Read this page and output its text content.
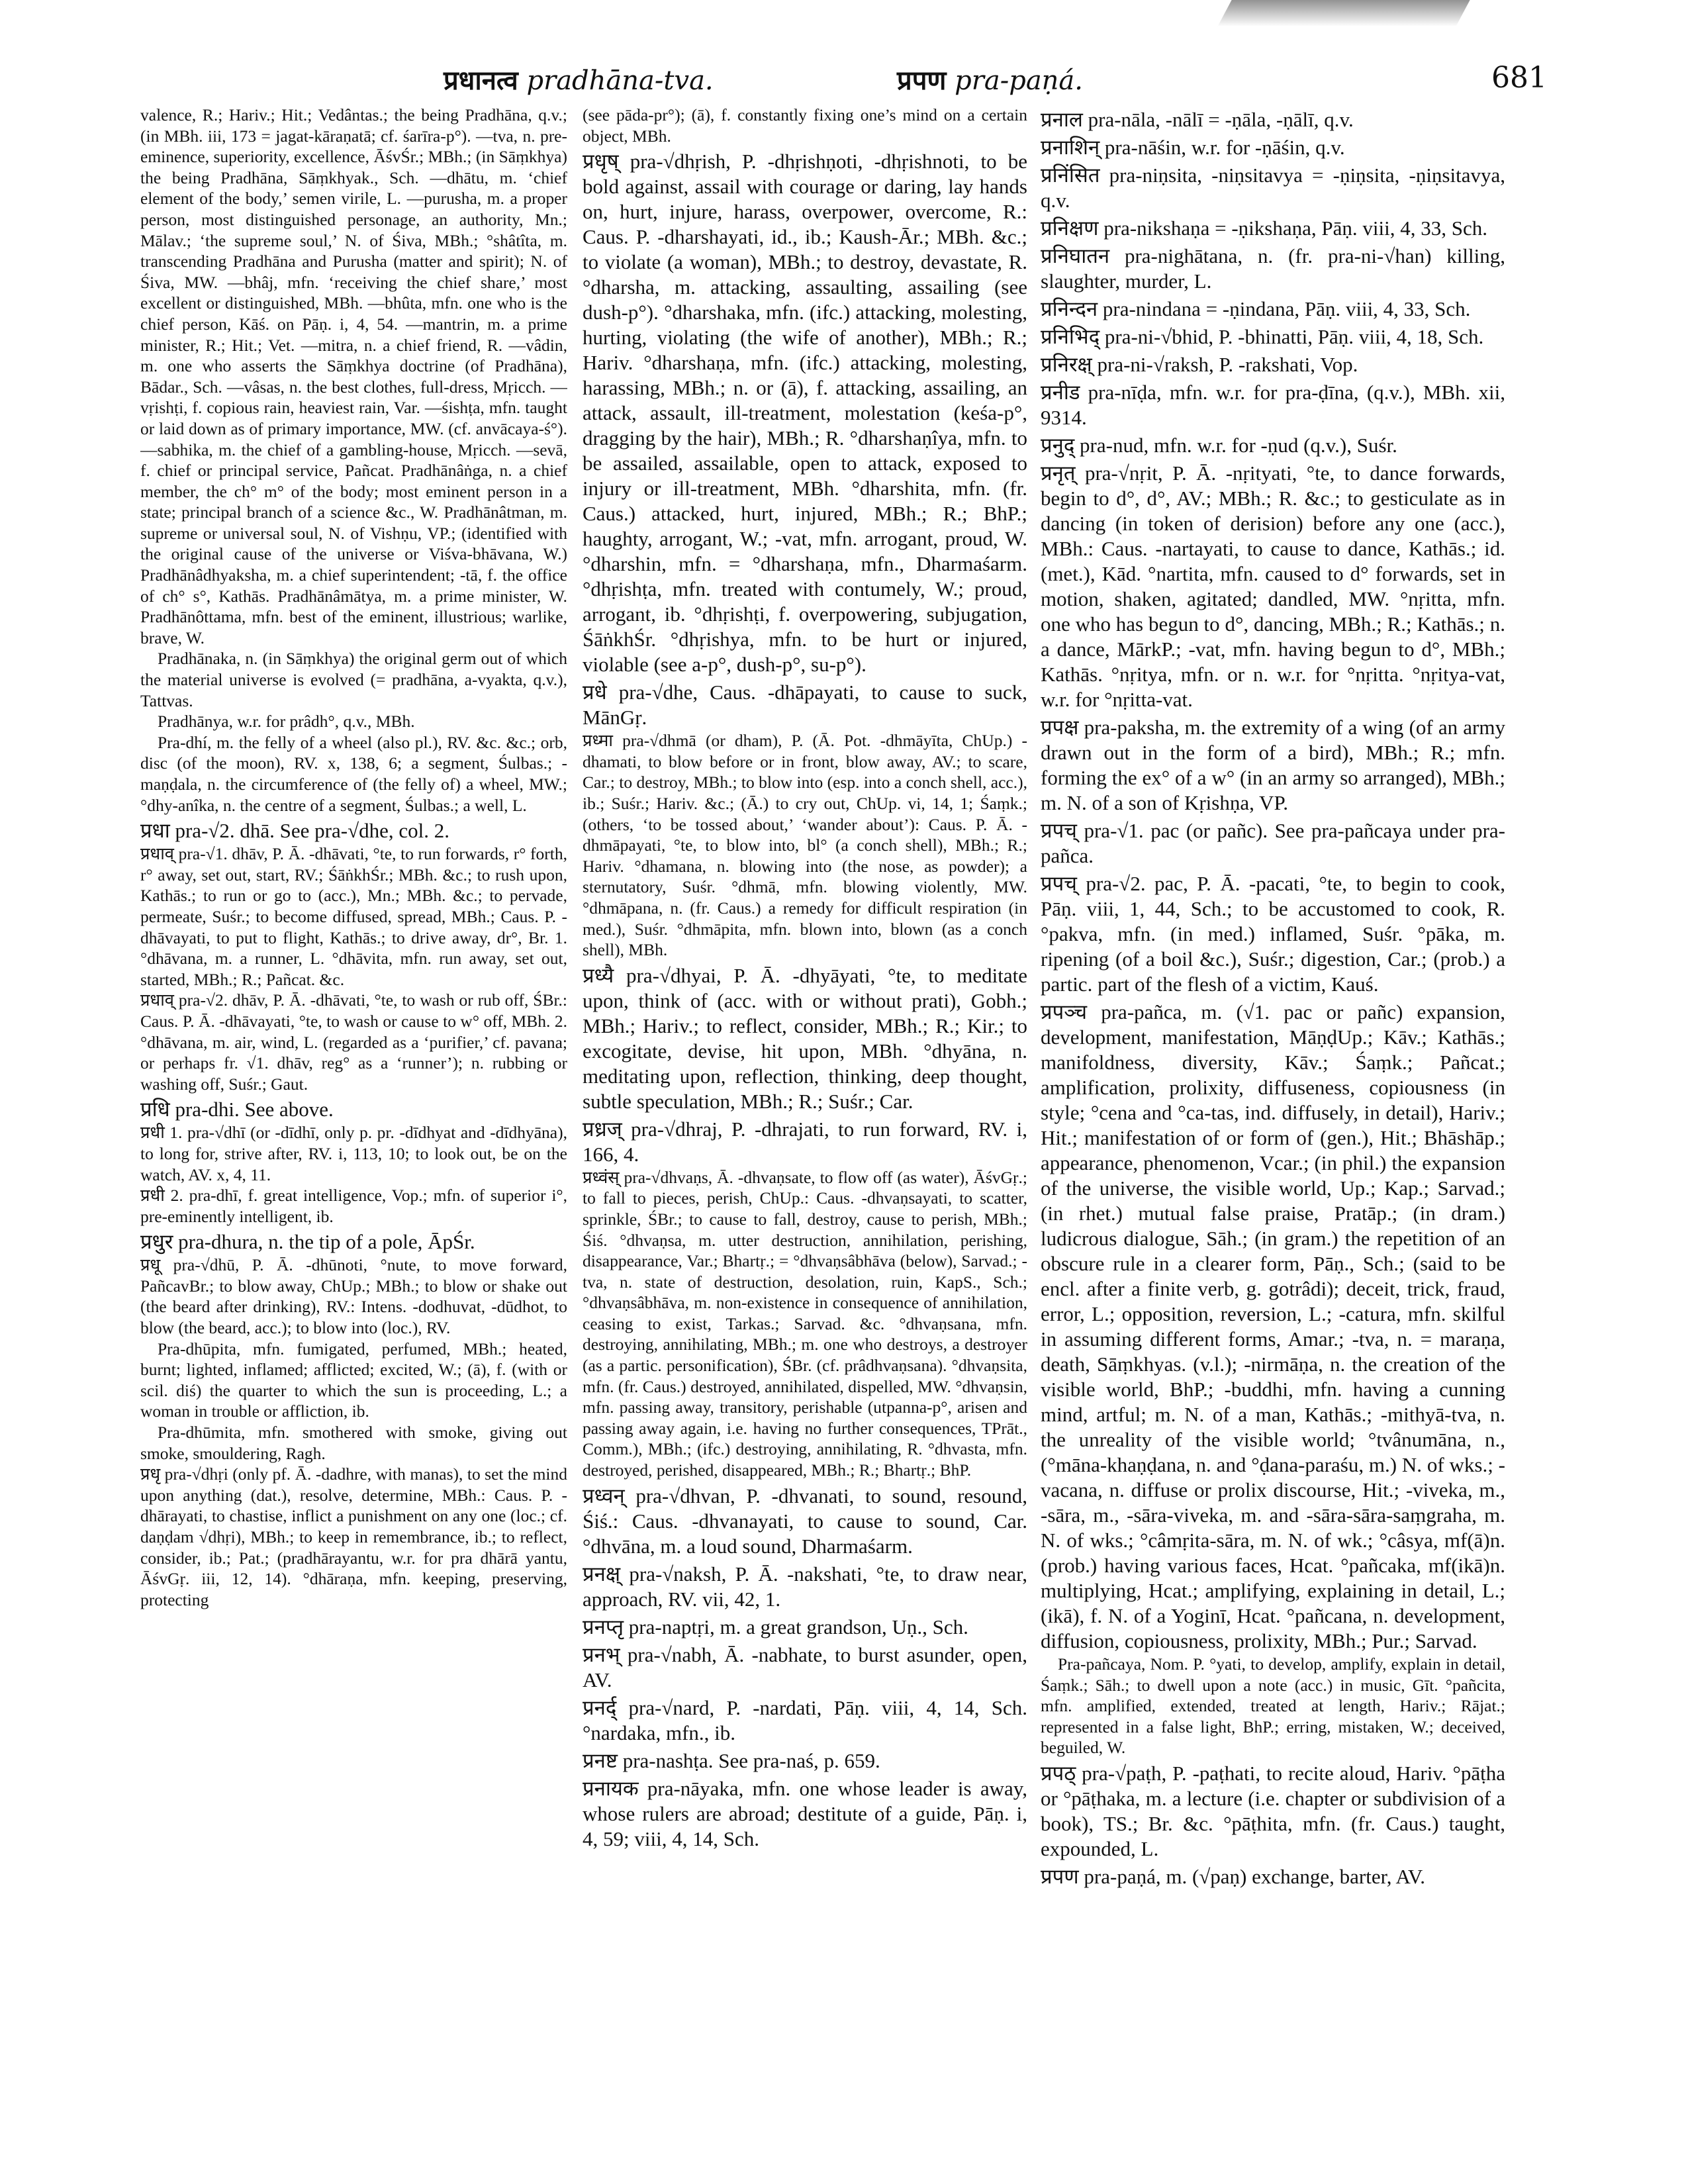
प्रधानत्व pradhāna-tva.	प्रपण pra-paṇá.	681

valence, R.; Hariv.; Hit.; Vedântas.; the being Pradhāna, q.v.; (in MBh. iii, 173 = jagat-kāraṇatā; cf. śarīra-p°). —tva, n. pre-eminence, superiority, excellence, ĀśvŚr.; MBh.; (in Sāṃkhya) the being Pradhāna, Sāṃkhyak., Sch. —dhātu, m. ‘chief element of the body,’ semen virile, L. —purusha, m. a proper person, most distinguished personage, an authority, Mn.; Mālav.; ‘the supreme soul,’ N. of Śiva, MBh.; °shâtîta, m. transcending Pradhāna and Purusha (matter and spirit); N. of Śiva, MW. —bhâj, mfn. ‘receiving the chief share,’ most excellent or distinguished, MBh. —bhûta, mfn. one who is the chief person, Kāś. on Pāṇ. i, 4, 54. —mantrin, m. a prime minister, R.; Hit.; Vet. —mitra, n. a chief friend, R. —vâdin, m. one who asserts the Sāṃkhya doctrine (of Pradhāna), Bādar., Sch. —vâsas, n. the best clothes, full-dress, Mṛicch. —vṛishṭi, f. copious rain, heaviest rain, Var. —śishṭa, mfn. taught or laid down as of primary importance, MW. (cf. anvācaya-ś°). —sabhika, m. the chief of a gambling-house, Mṛicch. —sevā, f. chief or principal service, Pañcat. Pradhānâṅga, n. a chief member, the ch° m° of the body; most eminent person in a state; principal branch of a science &c., W. Pradhānâtman, m. supreme or universal soul, N. of Vishṇu, VP.; (identified with the original cause of the universe or Viśva-bhāvana, W.) Pradhānâdhyaksha, m. a chief superintendent; -tā, f. the office of ch° s°, Kathās. Pradhānâmātya, m. a prime minister, W. Pradhānôttama, mfn. best of the eminent, illustrious; warlike, brave, W.

Pradhānaka, n. (in Sāṃkhya) the original germ out of which the material universe is evolved (= pradhāna, a-vyakta, q.v.), Tattvas.

Pradhānya, w.r. for prâdh°, q.v., MBh.

Pra-dhí, m. the felly of a wheel (also pl.), RV. &c. &c.; orb, disc (of the moon), RV. x, 138, 6; a segment, Śulbas.; -maṇḍala, n. the circumference of (the felly of) a wheel, MW.; °dhy-anîka, n. the centre of a segment, Śulbas.; a well, L.

प्रधा pra-√2. dhā. See pra-√dhe, col. 2.

प्रधाव् pra-√1. dhāv, P. Ā. -dhāvati, °te, to run forwards, r° forth, r° away, set out, start, RV.; ŚāṅkhŚr.; MBh. &c.; to rush upon, Kathās.; to run or go to (acc.), Mn.; MBh. &c.; to pervade, permeate, Suśr.; to become diffused, spread, MBh.; Caus. P. -dhāvayati, to put to flight, Kathās.; to drive away, dr°, Br. 1. °dhāvana, m. a runner, L. °dhāvita, mfn. run away, set out, started, MBh.; R.; Pañcat. &c.

प्रधाव् pra-√2. dhāv, P. Ā. -dhāvati, °te, to wash or rub off, ŚBr.: Caus. P. Ā. -dhāvayati, °te, to wash or cause to w° off, MBh. 2. °dhāvana, m. air, wind, L. (regarded as a ‘purifier,’ cf. pavana; or perhaps fr. √1. dhāv, reg° as a ‘runner’); n. rubbing or washing off, Suśr.; Gaut.

प्रधि pra-dhi. See above.

प्रधी 1. pra-√dhī (or -dīdhī, only p. pr. -dīdhyat and -dīdhyāna), to long for, strive after, RV. i, 113, 10; to look out, be on the watch, AV. x, 4, 11.

प्रधी 2. pra-dhī, f. great intelligence, Vop.; mfn. of superior i°, pre-eminently intelligent, ib.

प्रधुर pra-dhura, n. the tip of a pole, ĀpŚr.

प्रधू pra-√dhū, P. Ā. -dhūnoti, °nute, to move forward, PañcavBr.; to blow away, ChUp.; MBh.; to blow or shake out (the beard after drinking), RV.: Intens. -dodhuvat, -dūdhot, to blow (the beard, acc.); to blow into (loc.), RV.

Pra-dhūpita, mfn. fumigated, perfumed, MBh.; heated, burnt; lighted, inflamed; afflicted; excited, W.; (ā), f. (with or scil. diś) the quarter to which the sun is proceeding, L.; a woman in trouble or affliction, ib.

Pra-dhūmita, mfn. smothered with smoke, giving out smoke, smouldering, Ragh.

प्रधृ pra-√dhṛi (only pf. Ā. -dadhre, with manas), to set the mind upon anything (dat.), resolve, determine, MBh.: Caus. P. -dhārayati, to chastise, inflict a punishment on any one (loc.; cf. daṇḍam √dhṛi), MBh.; to keep in remembrance, ib.; to reflect, consider, ib.; Pat.; (pradhārayantu, w.r. for pra dhārā yantu, ĀśvGṛ. iii, 12, 14). °dhāraṇa, mfn. keeping, preserving, protecting

(see pāda-pr°); (ā), f. constantly fixing one’s mind on a certain object, MBh.

प्रधृष् pra-√dhṛish, P. -dhṛishṇoti, -dhṛishnoti, to be bold against, assail with courage or daring, lay hands on, hurt, injure, harass, overpower, overcome, R.: Caus. P. -dharshayati, id., ib.; Kaush-Ār.; MBh. &c.; to violate (a woman), MBh.; to destroy, devastate, R. °dharsha, m. attacking, assaulting, assailing (see dush-p°). °dharshaka, mfn. (ifc.) attacking, molesting, hurting, violating (the wife of another), MBh.; R.; Hariv. °dharshaṇa, mfn. (ifc.) attacking, molesting, harassing, MBh.; n. or (ā), f. attacking, assailing, an attack, assault, ill-treatment, molestation (keśa-p°, dragging by the hair), MBh.; R. °dharshaṇîya, mfn. to be assailed, assailable, open to attack, exposed to injury or ill-treatment, MBh. °dharshita, mfn. (fr. Caus.) attacked, hurt, injured, MBh.; R.; BhP.; haughty, arrogant, W.; -vat, mfn. arrogant, proud, W. °dharshin, mfn. = °dharshaṇa, mfn., Dharmaśarm. °dhṛishṭa, mfn. treated with contumely, W.; proud, arrogant, ib. °dhṛishṭi, f. overpowering, subjugation, ŚāṅkhŚr. °dhṛishya, mfn. to be hurt or injured, violable (see a-p°, dush-p°, su-p°).

प्रधे pra-√dhe, Caus. -dhāpayati, to cause to suck, MānGṛ.

प्रध्मा pra-√dhmā (or dham), P. (Ā. Pot. -dhmāyīta, ChUp.) -dhamati, to blow before or in front, blow away, AV.; to scare, Car.; to destroy, MBh.; to blow into (esp. into a conch shell, acc.), ib.; Suśr.; Hariv. &c.; (Ā.) to cry out, ChUp. vi, 14, 1; Śaṃk.; (others, ‘to be tossed about,’ ‘wander about’): Caus. P. Ā. -dhmāpayati, °te, to blow into, bl° (a conch shell), MBh.; R.; Hariv. °dhamana, n. blowing into (the nose, as powder); a sternutatory, Suśr. °dhmā, mfn. blowing violently, MW. °dhmāpana, n. (fr. Caus.) a remedy for difficult respiration (in med.), Suśr. °dhmāpita, mfn. blown into, blown (as a conch shell), MBh.

प्रध्यै pra-√dhyai, P. Ā. -dhyāyati, °te, to meditate upon, think of (acc. with or without prati), Gobh.; MBh.; Hariv.; to reflect, consider, MBh.; R.; Kir.; to excogitate, devise, hit upon, MBh. °dhyāna, n. meditating upon, reflection, thinking, deep thought, subtle speculation, MBh.; R.; Suśr.; Car.

प्रध्रज् pra-√dhraj, P. -dhrajati, to run forward, RV. i, 166, 4.

प्रध्वंस् pra-√dhvaṇs, Ā. -dhvaṇsate, to flow off (as water), ĀśvGṛ.; to fall to pieces, perish, ChUp.: Caus. -dhvaṇsayati, to scatter, sprinkle, ŚBr.; to cause to fall, destroy, cause to perish, MBh.; Śiś. °dhvaṇsa, m. utter destruction, annihilation, perishing, disappearance, Var.; Bhartṛ.; = °dhvaṇsâbhāva (below), Sarvad.; -tva, n. state of destruction, desolation, ruin, KapS., Sch.; °dhvaṇsâbhāva, m. non-existence in consequence of annihilation, ceasing to exist, Tarkas.; Sarvad. &c. °dhvaṇsana, mfn. destroying, annihilating, MBh.; m. one who destroys, a destroyer (as a partic. personification), ŚBr. (cf. prâdhvaṇsana). °dhvaṇsita, mfn. (fr. Caus.) destroyed, annihilated, dispelled, MW. °dhvaṇsin, mfn. passing away, transitory, perishable (utpanna-p°, arisen and passing away again, i.e. having no further consequences, TPrāt., Comm.), MBh.; (ifc.) destroying, annihilating, R. °dhvasta, mfn. destroyed, perished, disappeared, MBh.; R.; Bhartṛ.; BhP.

प्रध्वन् pra-√dhvan, P. -dhvanati, to sound, resound, Śiś.: Caus. -dhvanayati, to cause to sound, Car. °dhvāna, m. a loud sound, Dharmaśarm.

प्रनक्ष् pra-√naksh, P. Ā. -nakshati, °te, to draw near, approach, RV. vii, 42, 1.

प्रनप्तृ pra-naptṛi, m. a great grandson, Uṇ., Sch.

प्रनभ् pra-√nabh, Ā. -nabhate, to burst asunder, open, AV.

प्रनर्द् pra-√nard, P. -nardati, Pāṇ. viii, 4, 14, Sch. °nardaka, mfn., ib.

प्रनष्ट pra-nashṭa. See pra-naś, p. 659.

प्रनायक pra-nāyaka, mfn. one whose leader is away, whose rulers are abroad; destitute of a guide, Pāṇ. i, 4, 59; viii, 4, 14, Sch.

प्रनाल pra-nāla, -nālī = -ṇāla, -ṇālī, q.v.

प्रनाशिन् pra-nāśin, w.r. for -ṇāśin, q.v.

प्रनिंसित pra-niṇsita, -niṇsitavya = -ṇiṇsita, -ṇiṇsitavya, q.v.

प्रनिक्षण pra-nikshaṇa = -ṇikshaṇa, Pāṇ. viii, 4, 33, Sch.

प्रनिघातन pra-nighātana, n. (fr. pra-ni-√han) killing, slaughter, murder, L.

प्रनिन्दन pra-nindana = -ṇindana, Pāṇ. viii, 4, 33, Sch.

प्रनिभिद् pra-ni-√bhid, P. -bhinatti, Pāṇ. viii, 4, 18, Sch.

प्रनिरक्ष् pra-ni-√raksh, P. -rakshati, Vop.

प्रनीड pra-nīḍa, mfn. w.r. for pra-ḍīna, (q.v.), MBh. xii, 9314.

प्रनुद् pra-nud, mfn. w.r. for -ṇud (q.v.), Suśr.

प्रनृत् pra-√nṛit, P. Ā. -nṛityati, °te, to dance forwards, begin to d°, d°, AV.; MBh.; R. &c.; to gesticulate as in dancing (in token of derision) before any one (acc.), MBh.: Caus. -nartayati, to cause to dance, Kathās.; id. (met.), Kād. °nartita, mfn. caused to d° forwards, set in motion, shaken, agitated; dandled, MW. °nṛitta, mfn. one who has begun to d°, dancing, MBh.; R.; Kathās.; n. a dance, MārkP.; -vat, mfn. having begun to d°, MBh.; Kathās. °nṛitya, mfn. or n. w.r. for °nṛitta. °nṛitya-vat, w.r. for °nṛitta-vat.

प्रपक्ष pra-paksha, m. the extremity of a wing (of an army drawn out in the form of a bird), MBh.; R.; mfn. forming the ex° of a w° (in an army so arranged), MBh.; m. N. of a son of Kṛishṇa, VP.

प्रपच् pra-√1. pac (or pañc). See pra-pañcaya under pra-pañca.

प्रपच् pra-√2. pac, P. Ā. -pacati, °te, to begin to cook, Pāṇ. viii, 1, 44, Sch.; to be accustomed to cook, R. °pakva, mfn. (in med.) inflamed, Suśr. °pāka, m. ripening (of a boil &c.), Suśr.; digestion, Car.; (prob.) a partic. part of the flesh of a victim, Kauś.

प्रपञ्च pra-pañca, m. (√1. pac or pañc) expansion, development, manifestation, MāṇḍUp.; Kāv.; Kathās.; manifoldness, diversity, Kāv.; Śaṃk.; Pañcat.; amplification, prolixity, diffuseness, copiousness (in style; °cena and °ca-tas, ind. diffusely, in detail), Hariv.; Hit.; manifestation of or form of (gen.), Hit.; Bhāshāp.; appearance, phenomenon, Vcar.; (in phil.) the expansion of the universe, the visible world, Up.; Kap.; Sarvad.; (in rhet.) mutual false praise, Pratāp.; (in dram.) ludicrous dialogue, Sāh.; (in gram.) the repetition of an obscure rule in a clearer form, Pāṇ., Sch.; (said to be encl. after a finite verb, g. gotrâdi); deceit, trick, fraud, error, L.; opposition, reversion, L.; -catura, mfn. skilful in assuming different forms, Amar.; -tva, n. = maraṇa, death, Sāṃkhyas. (v.l.); -nirmāṇa, n. the creation of the visible world, BhP.; -buddhi, mfn. having a cunning mind, artful; m. N. of a man, Kathās.; -mithyā-tva, n. the unreality of the visible world; °tvânumāna, n., (°māna-khaṇḍana, n. and °ḍana-paraśu, m.) N. of wks.; -vacana, n. diffuse or prolix discourse, Hit.; -viveka, m., -sāra, m., -sāra-viveka, m. and -sāra-sāra-saṃgraha, m. N. of wks.; °câmṛita-sāra, m. N. of wk.; °câsya, mf(ā)n. (prob.) having various faces, Hcat. °pañcaka, mf(ikā)n. multiplying, Hcat.; amplifying, explaining in detail, L.; (ikā), f. N. of a Yoginī, Hcat. °pañcana, n. development, diffusion, copiousness, prolixity, MBh.; Pur.; Sarvad.

Pra-pañcaya, Nom. P. °yati, to develop, amplify, explain in detail, Śaṃk.; Sāh.; to dwell upon a note (acc.) in music, Gīt. °pañcita, mfn. amplified, extended, treated at length, Hariv.; Rājat.; represented in a false light, BhP.; erring, mistaken, W.; deceived, beguiled, W.

प्रपठ् pra-√paṭh, P. -paṭhati, to recite aloud, Hariv. °pāṭha or °pāṭhaka, m. a lecture (i.e. chapter or subdivision of a book), TS.; Br. &c. °pāṭhita, mfn. (fr. Caus.) taught, expounded, L.

प्रपण pra-paṇá, m. (√paṇ) exchange, barter, AV.
